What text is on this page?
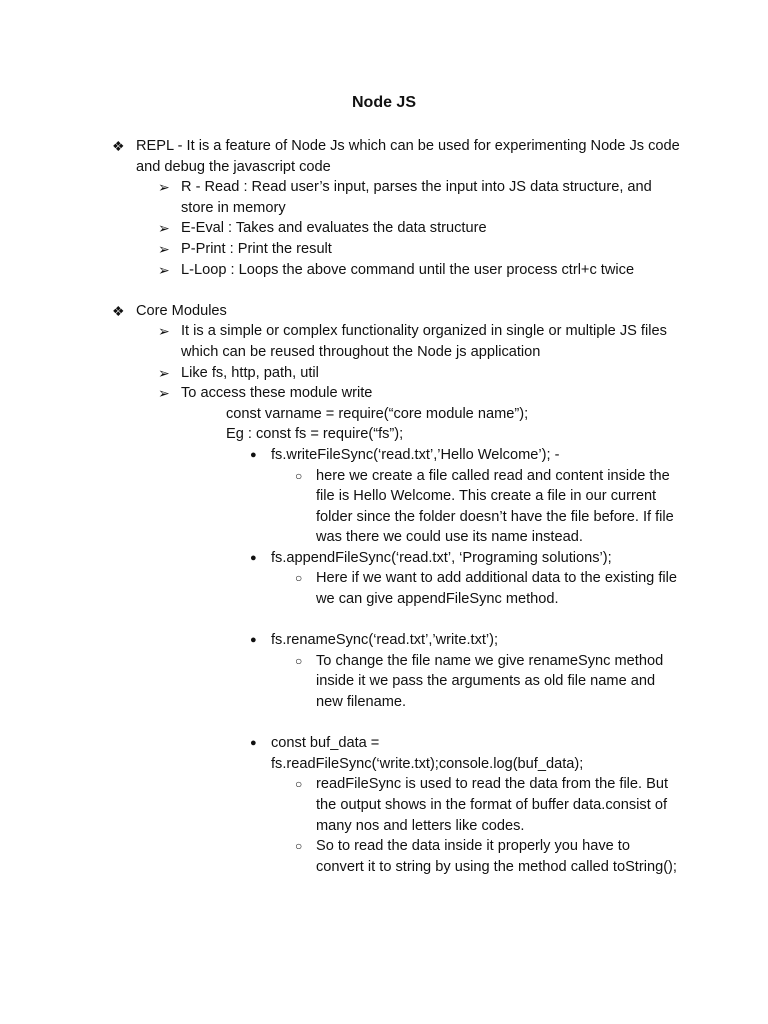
Node JS
❖ REPL - It is a feature of Node Js which can be used for experimenting Node Js code and debug the javascript code
➢ R - Read : Read user’s input, parses the input into JS data structure, and store in memory
➢ E-Eval : Takes and evaluates the data structure
➢ P-Print : Print the result
➢ L-Loop : Loops the above command until the user process ctrl+c twice
❖ Core Modules
➢ It is a simple or complex functionality organized in single or multiple JS files which can be reused throughout the Node js application
➢ Like fs, http, path, util
➢ To access these module write
const varname = require(“core module name”);
Eg : const fs = require(“fs”);
● fs.writeFileSync(‘read.txt’,’Hello Welcome’); -
○ here we create a file called read and content inside the file is Hello Welcome. This create a file in our current folder since the folder doesn’t have the file before. If file was there we could use its name instead.
● fs.appendFileSync(‘read.txt’, ‘Programing solutions’);
○ Here if we want to add additional data to the existing file we can give appendFileSync method.
● fs.renameSync(‘read.txt’,’write.txt’);
○ To change the file name we give renameSync method inside it we pass the arguments as old file name and new filename.
● const buf_data = fs.readFileSync(‘write.txt);console.log(buf_data);
○ readFileSync is used to read the data from the file. But the output shows in the format of buffer data.consist of many nos and letters like codes.
○ So to read the data inside it properly you have to convert it to string by using the method called toString();
